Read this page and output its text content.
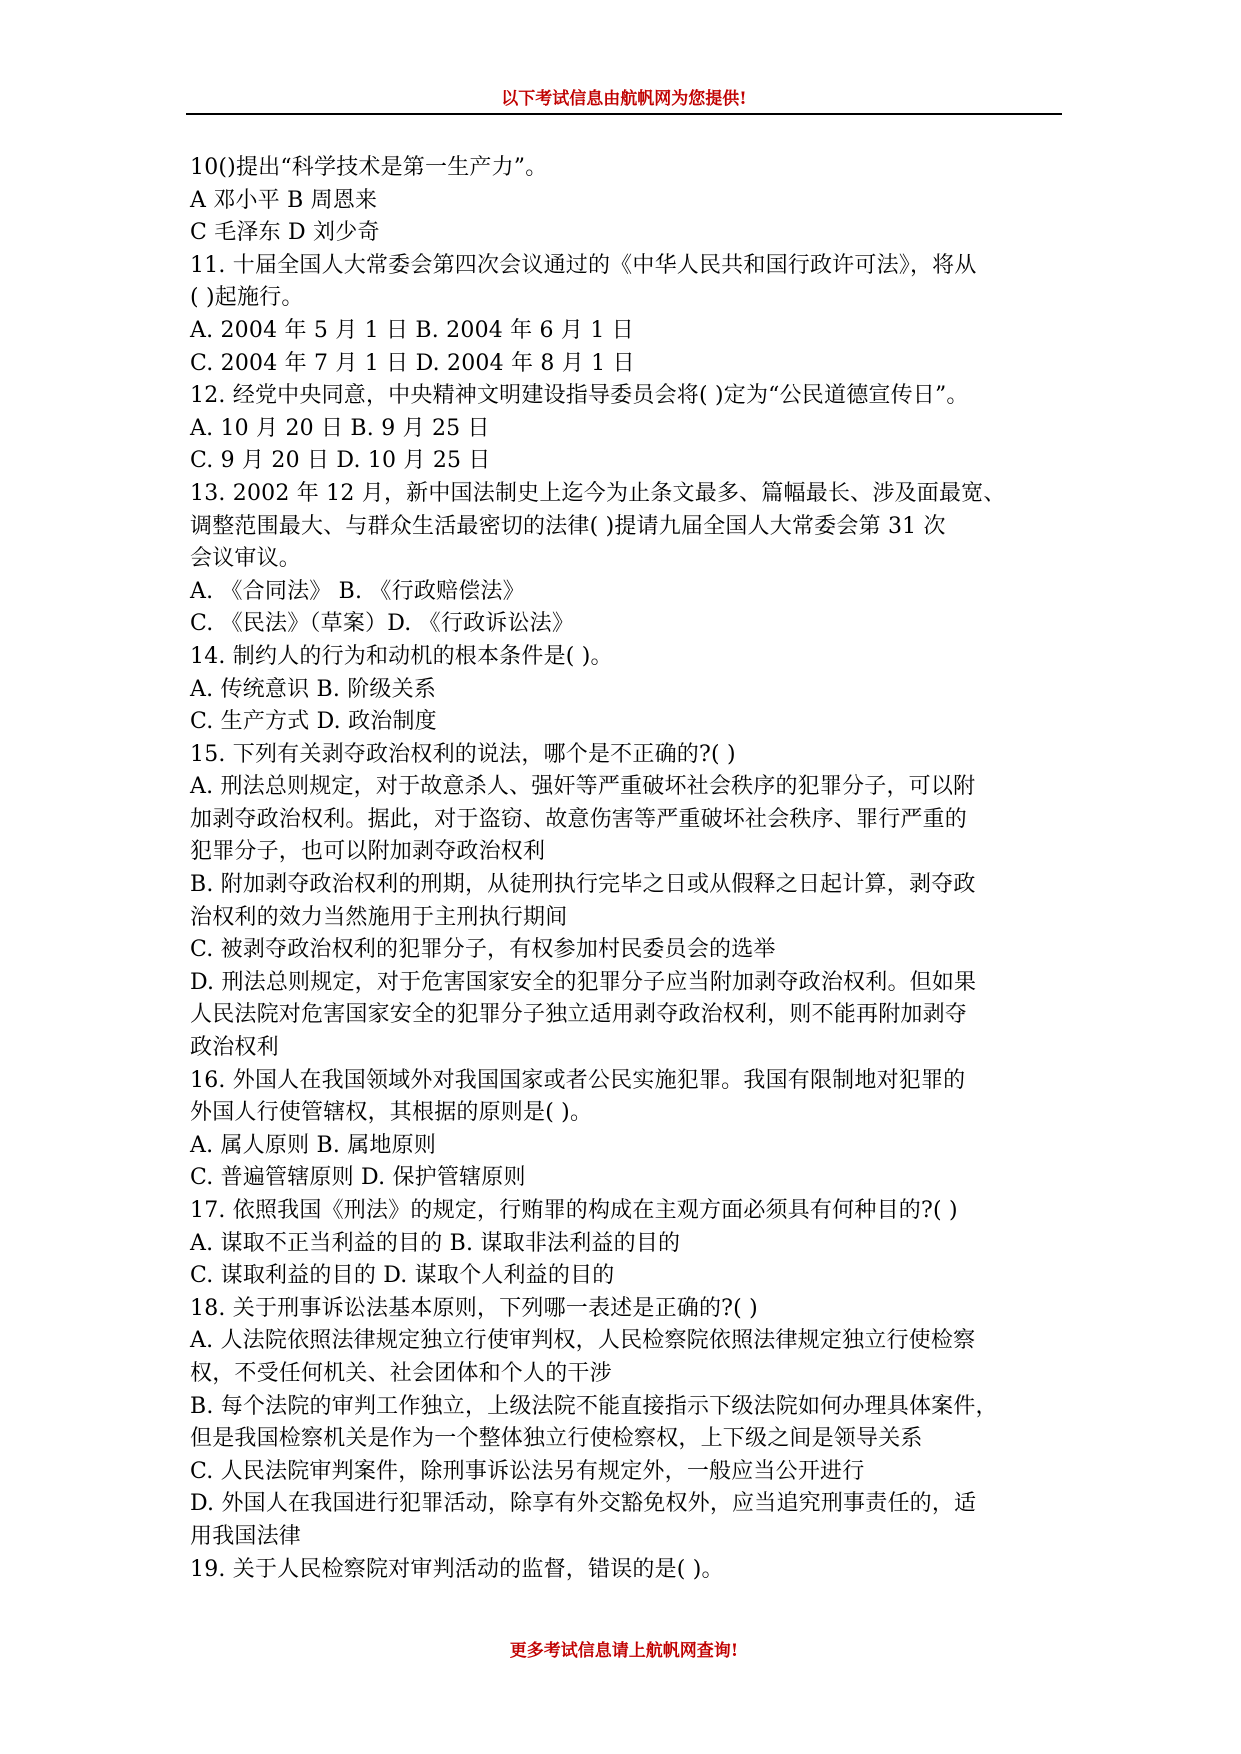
以下考试信息由航帆网为您提供!
10()提出“科学技术是第一生产力”。
A 邓小平 B 周恩来
C 毛泽东 D 刘少奇
11. 十届全国人大常委会第四次会议通过的《中华人民共和国行政许可法》，将从
( )起施行。
A. 2004 年 5 月 1 日 B. 2004 年 6 月 1 日
C. 2004 年 7 月 1 日 D. 2004 年 8 月 1 日
12. 经党中央同意，中央精神文明建设指导委员会将( )定为“公民道德宣传日”。
A. 10 月 20 日 B. 9 月 25 日
C. 9 月 20 日 D. 10 月 25 日
13. 2002 年 12 月，新中国法制史上迄今为止条文最多、篇幅最长、涉及面最宽、
调整范围最大、与群众生活最密切的法律( )提请九届全国人大常委会第 31 次
会议审议。
A. 《合同法》 B. 《行政赔偿法》
C. 《民法》（草案）D. 《行政诉讼法》
14. 制约人的行为和动机的根本条件是( )。
A. 传统意识 B. 阶级关系
C. 生产方式 D. 政治制度
15. 下列有关剥夺政治权利的说法，哪个是不正确的?( )
A. 刑法总则规定，对于故意杀人、强奸等严重破坏社会秩序的犯罪分子，可以附
加剥夺政治权利。据此，对于盗窃、故意伤害等严重破坏社会秩序、罪行严重的
犯罪分子，也可以附加剥夺政治权利
B. 附加剥夺政治权利的刑期，从徒刑执行完毕之日或从假释之日起计算，剥夺政
治权利的效力当然施用于主刑执行期间
C. 被剥夺政治权利的犯罪分子，有权参加村民委员会的选举
D. 刑法总则规定，对于危害国家安全的犯罪分子应当附加剥夺政治权利。但如果
人民法院对危害国家安全的犯罪分子独立适用剥夺政治权利，则不能再附加剥夺
政治权利
16. 外国人在我国领域外对我国国家或者公民实施犯罪。我国有限制地对犯罪的
外国人行使管辖权，其根据的原则是( )。
A. 属人原则 B. 属地原则
C. 普遍管辖原则 D. 保护管辖原则
17. 依照我国《刑法》的规定，行贿罪的构成在主观方面必须具有何种目的?( )
A. 谋取不正当利益的目的 B. 谋取非法利益的目的
C. 谋取利益的目的 D. 谋取个人利益的目的
18. 关于刑事诉讼法基本原则，下列哪一表述是正确的?( )
A. 人法院依照法律规定独立行使审判权，人民检察院依照法律规定独立行使检察
权，不受任何机关、社会团体和个人的干涉
B. 每个法院的审判工作独立，上级法院不能直接指示下级法院如何办理具体案件，
但是我国检察机关是作为一个整体独立行使检察权，上下级之间是领导关系
C. 人民法院审判案件，除刑事诉讼法另有规定外，一般应当公开进行
D. 外国人在我国进行犯罪活动，除享有外交豁免权外，应当追究刑事责任的，适
用我国法律
19. 关于人民检察院对审判活动的监督，错误的是( )。
更多考试信息请上航帆网查询!
